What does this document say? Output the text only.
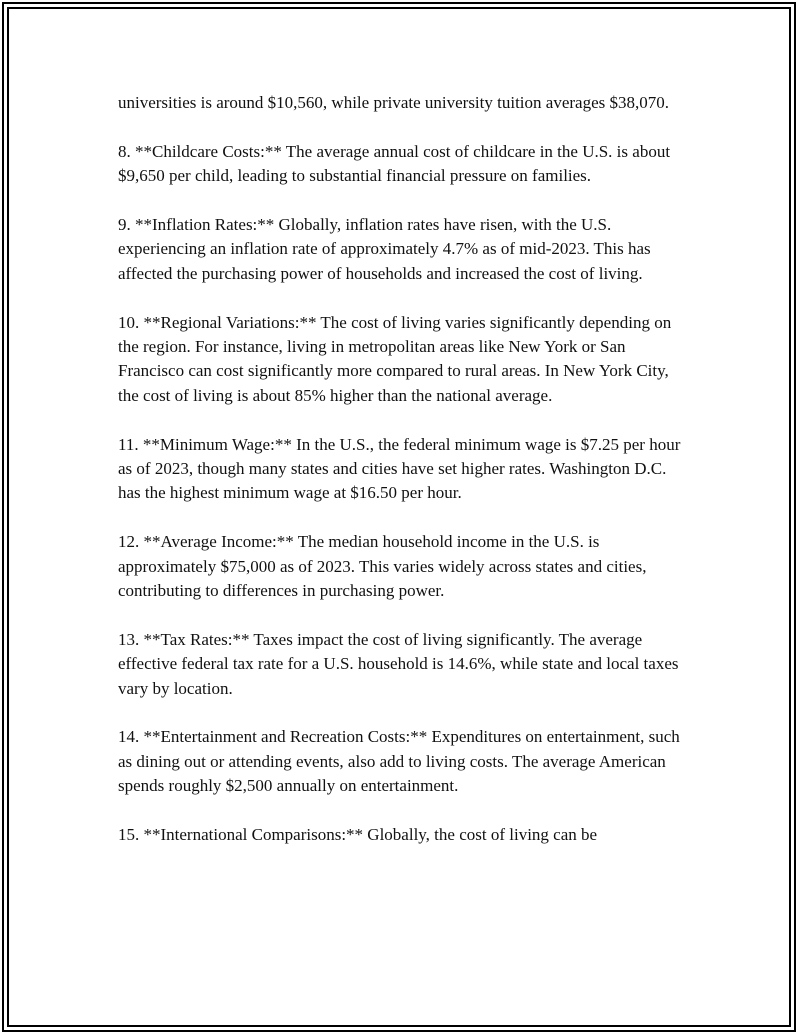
universities is around $10,560, while private university tuition averages $38,070.

8. **Childcare Costs:** The average annual cost of childcare in the U.S. is about $9,650 per child, leading to substantial financial pressure on families.

9. **Inflation Rates:** Globally, inflation rates have risen, with the U.S. experiencing an inflation rate of approximately 4.7% as of mid-2023. This has affected the purchasing power of households and increased the cost of living.

10. **Regional Variations:** The cost of living varies significantly depending on the region. For instance, living in metropolitan areas like New York or San Francisco can cost significantly more compared to rural areas. In New York City, the cost of living is about 85% higher than the national average.

11. **Minimum Wage:** In the U.S., the federal minimum wage is $7.25 per hour as of 2023, though many states and cities have set higher rates. Washington D.C. has the highest minimum wage at $16.50 per hour.

12. **Average Income:** The median household income in the U.S. is approximately $75,000 as of 2023. This varies widely across states and cities, contributing to differences in purchasing power.

13. **Tax Rates:** Taxes impact the cost of living significantly. The average effective federal tax rate for a U.S. household is 14.6%, while state and local taxes vary by location.

14. **Entertainment and Recreation Costs:** Expenditures on entertainment, such as dining out or attending events, also add to living costs. The average American spends roughly $2,500 annually on entertainment.

15. **International Comparisons:** Globally, the cost of living can be
